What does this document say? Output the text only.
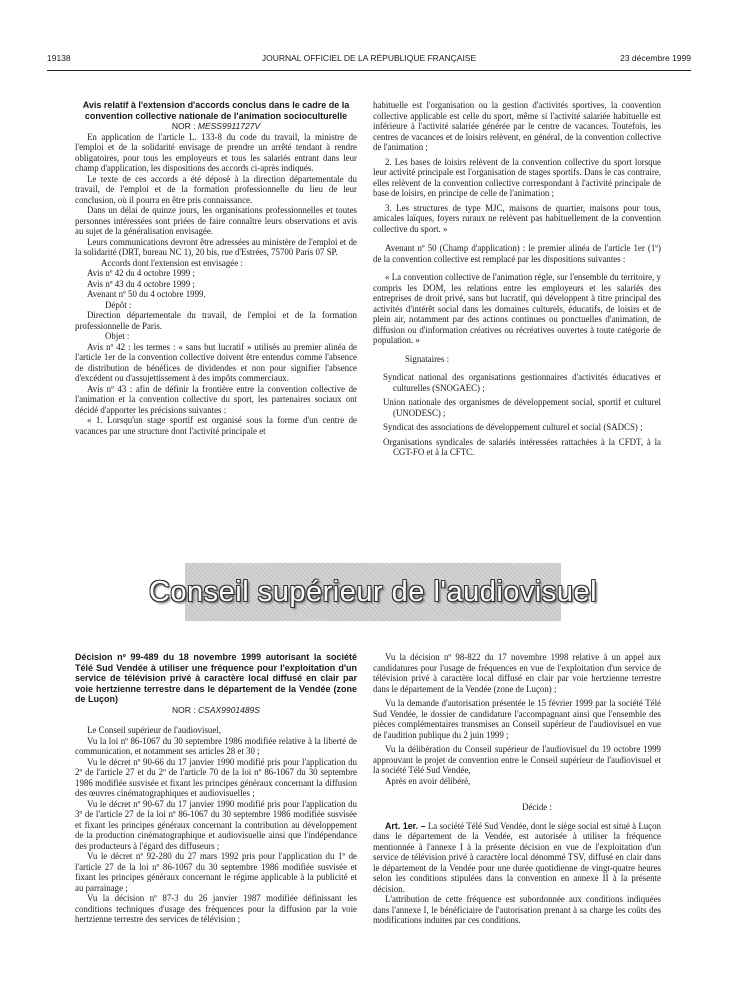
19138	JOURNAL OFFICIEL DE LA RÉPUBLIQUE FRANÇAISE	23 décembre 1999

Avis relatif à l'extension d'accords conclus dans le cadre de la convention collective nationale de l'animation socioculturelle

NOR : MESS9911727V

En application de l'article L. 133-8 du code du travail, la ministre de l'emploi et de la solidarité envisage de prendre un arrêté tendant à rendre obligatoires, pour tous les employeurs et tous les salariés entrant dans leur champ d'application, les dispositions des accords ci-après indiqués.

Le texte de ces accords a été déposé à la direction départementale du travail, de l'emploi et de la formation professionnelle du lieu de leur conclusion, où il pourra en être pris connaissance.

Dans un délai de quinze jours, les organisations professionnelles et toutes personnes intéressées sont priées de faire connaître leurs observations et avis au sujet de la généralisation envisagée.

Leurs communications devront être adressées au ministère de l'emploi et de la solidarité (DRT, bureau NC 1), 20 bis, rue d'Estrées, 75700 Paris 07 SP.

Accords dont l'extension est envisagée :

Avis nº 42 du 4 octobre 1999 ;

Avis nº 43 du 4 octobre 1999 ;

Avenant nº 50 du 4 octobre 1999.

Dépôt :

Direction départementale du travail, de l'emploi et de la formation professionnelle de Paris.

Objet :

Avis nº 42 : les termes : « sans but lucratif » utilisés au premier alinéa de l'article 1er de la convention collective doivent être entendus comme l'absence de distribution de bénéfices de dividendes et non pour signifier l'absence d'excédent ou d'assujettissement à des impôts commerciaux.

Avis nº 43 : afin de définir la frontière entre la convention collective de l'animation et la convention collective du sport, les partenaires sociaux ont décidé d'apporter les précisions suivantes :

« 1. Lorsqu'un stage sportif est organisé sous la forme d'un centre de vacances par une structure dont l'activité principale et

habituelle est l'organisation ou la gestion d'activités sportives, la convention collective applicable est celle du sport, même si l'activité salariée habituelle est inférieure à l'activité salariée générée par le centre de vacances. Toutefois, les centres de vacances et de loisirs relèvent, en général, de la convention collective de l'animation ;

2. Les bases de loisirs relèvent de la convention collective du sport lorsque leur activité principale est l'organisation de stages sportifs. Dans le cas contraire, elles relèvent de la convention collective correspondant à l'activité principale de base de loisirs, en principe de celle de l'animation ;

3. Les structures de type MJC, maisons de quartier, maisons pour tous, amicales laïques, foyers ruraux ne relèvent pas habituellement de la convention collective du sport. »

Avenant nº 50 (Champ d'application) : le premier alinéa de l'article 1er (1º) de la convention collective est remplacé par les dispositions suivantes :

« La convention collective de l'animation règle, sur l'ensemble du territoire, y compris les DOM, les relations entre les employeurs et les salariés des entreprises de droit privé, sans but lucratif, qui développent à titre principal des activités d'intérêt social dans les domaines culturels, éducatifs, de loisirs et de plein air, notamment par des actions continues ou ponctuelles d'animation, de diffusion ou d'information créatives ou récréatives ouvertes à toute catégorie de population. »

Signataires :

Syndicat national des organisations gestionnaires d'activités éducatives et culturelles (SNOGAEC) ;

Union nationale des organismes de développement social, sportif et culturel (UNODESC) ;

Syndicat des associations de développement culturel et social (SADCS) ;

Organisations syndicales de salariés intéressées rattachées à la CFDT, à la CGT-FO et à la CFTC.

Conseil supérieur de l'audiovisuel

Décision nº 99-489 du 18 novembre 1999 autorisant la société Télé Sud Vendée à utiliser une fréquence pour l'exploitation d'un service de télévision privé à caractère local diffusé en clair par voie hertzienne terrestre dans le département de la Vendée (zone de Luçon)

NOR : CSAX9901489S

Le Conseil supérieur de l'audiovisuel,

Vu la loi nº 86-1067 du 30 septembre 1986 modifiée relative à la liberté de communication, et notamment ses articles 28 et 30 ;

Vu le décret nº 90-66 du 17 janvier 1990 modifié pris pour l'application du 2º de l'article 27 et du 2º de l'article 70 de la loi nº 86-1067 du 30 septembre 1986 modifiée susvisée et fixant les principes généraux concernant la diffusion des œuvres cinématographiques et audiovisuelles ;

Vu le décret nº 90-67 du 17 janvier 1990 modifié pris pour l'application du 3º de l'article 27 de la loi nº 86-1067 du 30 septembre 1986 modifiée susvisée et fixant les principes généraux concernant la contribution au développement de la production cinématographique et audiovisuelle ainsi que l'indépendance des producteurs à l'égard des diffuseurs ;

Vu le décret nº 92-280 du 27 mars 1992 pris pour l'application du 1º de l'article 27 de la loi nº 86-1067 du 30 septembre 1986 modifiée susvisée et fixant les principes généraux concernant le régime applicable à la publicité et au parrainage ;

Vu la décision nº 87-3 du 26 janvier 1987 modifiée définissant les conditions techniques d'usage des fréquences pour la diffusion par la voie hertzienne terrestre des services de télévision ;

Vu la décision nº 98-822 du 17 novembre 1998 relative à un appel aux candidatures pour l'usage de fréquences en vue de l'exploitation d'un service de télévision privé à caractère local diffusé en clair par voie hertzienne terrestre dans le département de la Vendée (zone de Luçon) ;

Vu la demande d'autorisation présentée le 15 février 1999 par la société Télé Sud Vendée, le dossier de candidature l'accompagnant ainsi que l'ensemble des pièces complémentaires transmises au Conseil supérieur de l'audiovisuel en vue de l'audition publique du 2 juin 1999 ;

Vu la délibération du Conseil supérieur de l'audiovisuel du 19 octobre 1999 approuvant le projet de convention entre le Conseil supérieur de l'audiovisuel et la société Télé Sud Vendée,

Après en avoir délibéré,

Décide :

Art. 1er. – La société Télé Sud Vendée, dont le siège social est situé à Luçon dans le département de la Vendée, est autorisée à utiliser la fréquence mentionnée à l'annexe I à la présente décision en vue de l'exploitation d'un service de télévision privé à caractère local dénommé TSV, diffusé en clair dans le département de la Vendée pour une durée quotidienne de vingt-quatre heures selon les conditions stipulées dans la convention en annexe II à la présente décision.

L'attribution de cette fréquence est subordonnée aux conditions indiquées dans l'annexe I, le bénéficiaire de l'autorisation prenant à sa charge les coûts des modifications induites par ces conditions.
